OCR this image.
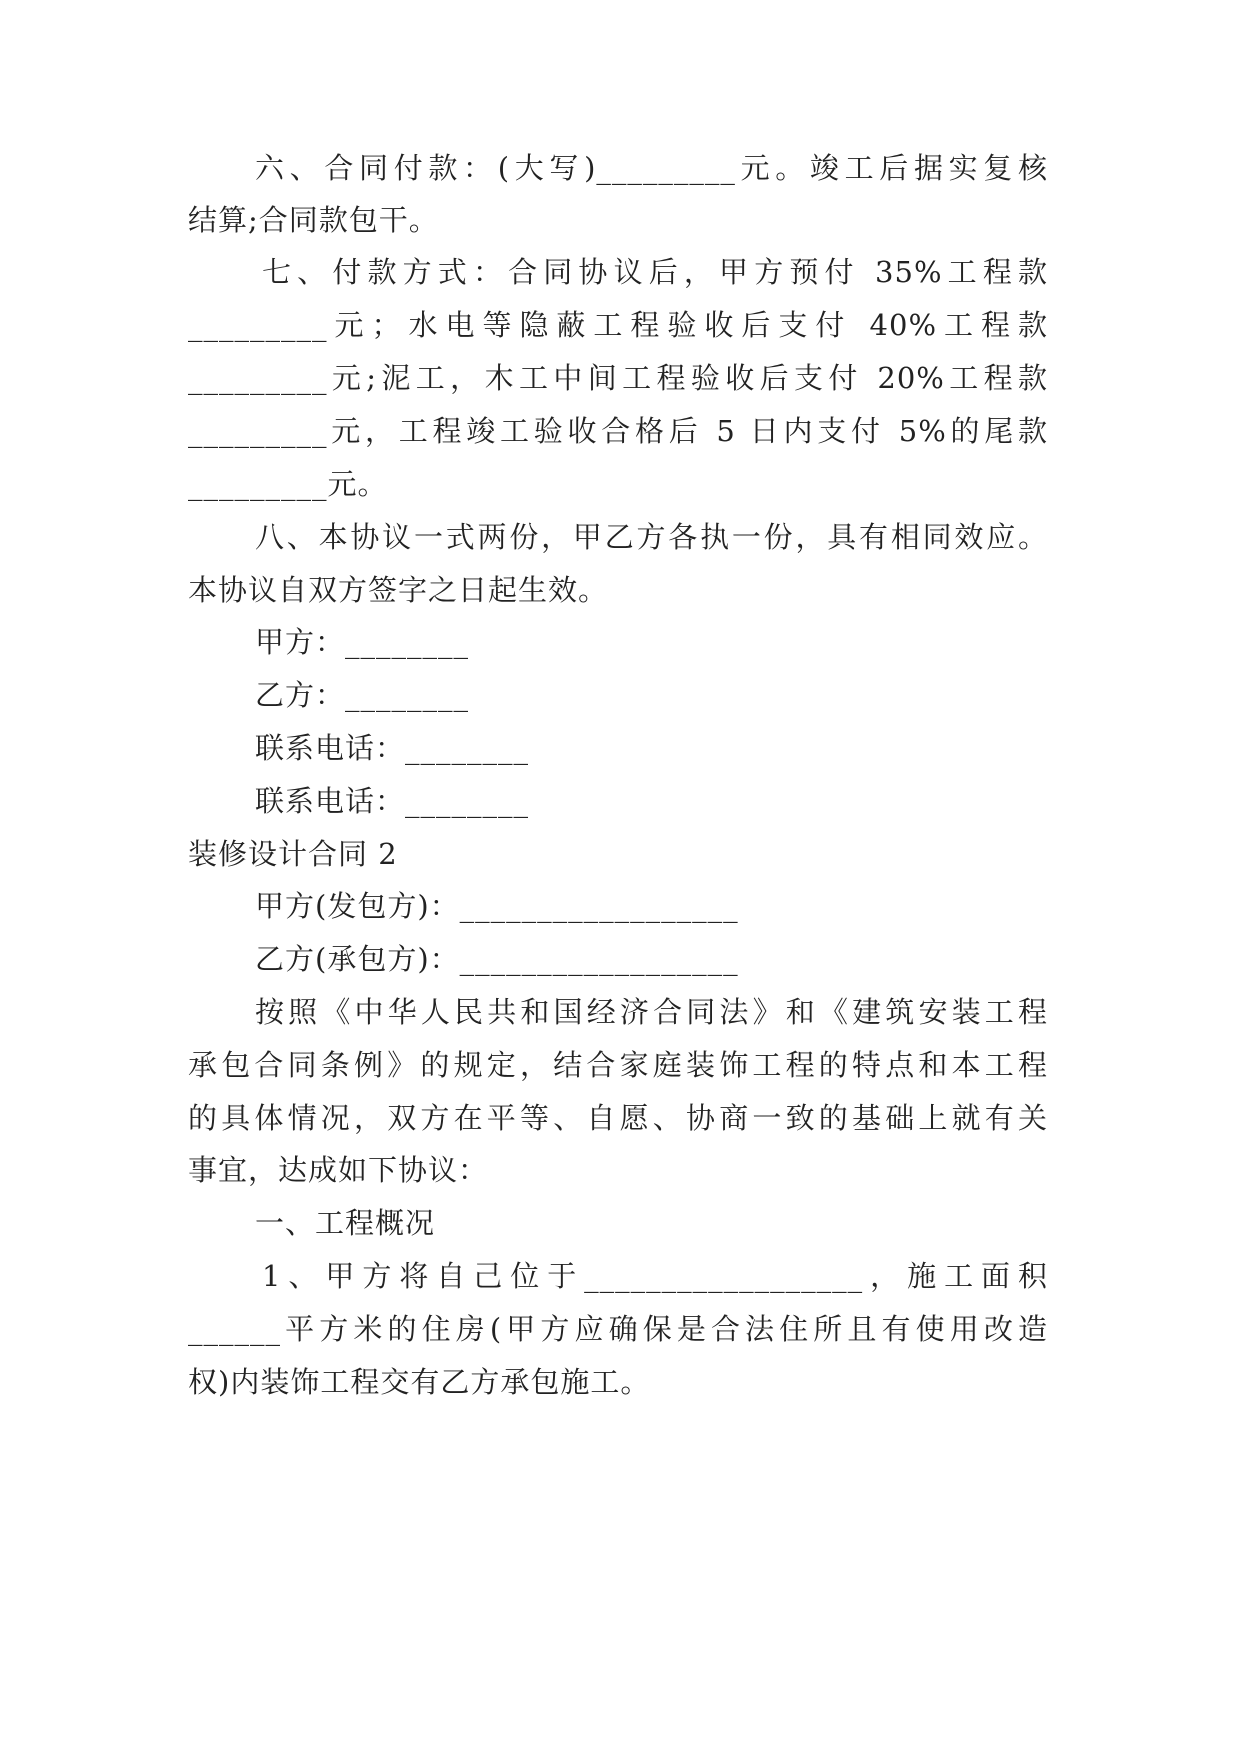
六、合同付款：(大写)_________元。竣工后据实复核
结算;合同款包干。
七、付款方式：合同协议后，甲方预付 35%工程款
_________元；水电等隐蔽工程验收后支付 40%工程款
_________元;泥工，木工中间工程验收后支付 20%工程款
_________元，工程竣工验收合格后 5 日内支付 5%的尾款
_________元。
八、本协议一式两份，甲乙方各执一份，具有相同效应。
本协议自双方签字之日起生效。
甲方：________
乙方：________
联系电话：________
联系电话：________
装修设计合同 2
甲方(发包方)：__________________
乙方(承包方)：__________________
按照《中华人民共和国经济合同法》和《建筑安装工程
承包合同条例》的规定，结合家庭装饰工程的特点和本工程
的具体情况，双方在平等、自愿、协商一致的基础上就有关
事宜，达成如下协议：
一、工程概况
1、甲方将自己位于__________________，施工面积
______平方米的住房(甲方应确保是合法住所且有使用改造
权)内装饰工程交有乙方承包施工。
